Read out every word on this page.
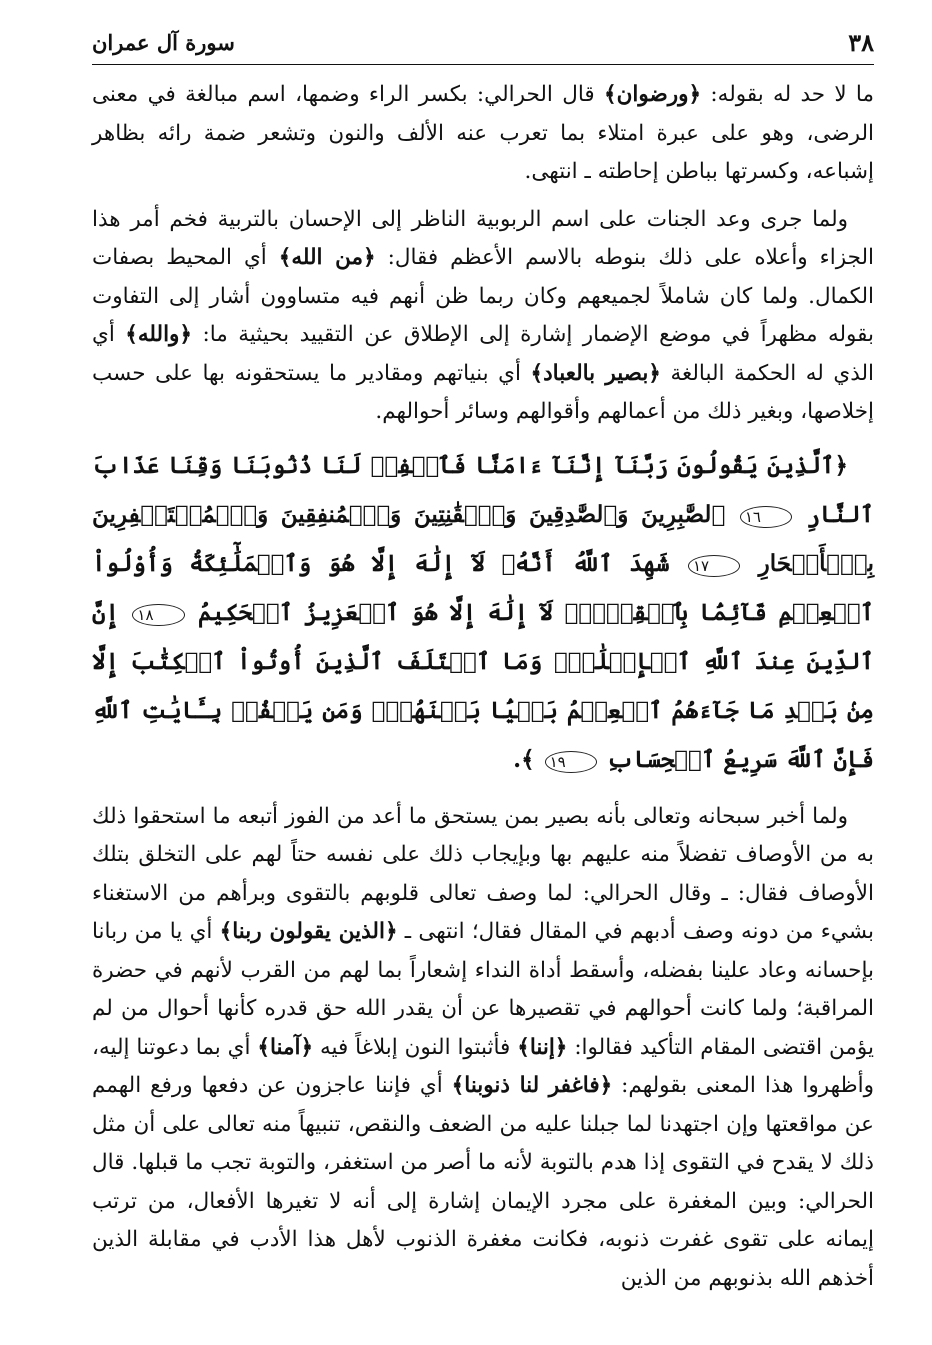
٣٨
سورة آل عمران

ما لا حد له بقوله: ﴿ورضوان﴾ قال الحرالي: بكسر الراء وضمها، اسم مبالغة في معنى الرضى، وهو على عبرة امتلاء بما تعرب عنه الألف والنون وتشعر ضمة رائه بظاهر إشباعه، وكسرتها بباطن إحاطته ـ انتهى.

ولما جرى وعد الجنات على اسم الربوبية الناظر إلى الإحسان بالتربية فخم أمر هذا الجزاء وأعلاه على ذلك بنوطه بالاسم الأعظم فقال: ﴿من الله﴾ أي المحيط بصفات الكمال. ولما كان شاملاً لجميعهم وكان ربما ظن أنهم فيه متساوون أشار إلى التفاوت بقوله مظهراً في موضع الإضمار إشارة إلى الإطلاق عن التقييد بحيثية ما: ﴿والله﴾ أي الذي له الحكمة البالغة ﴿بصير بالعباد﴾ أي بنياتهم ومقادير ما يستحقونه بها على حسب إخلاصها، وبغير ذلك من أعمالهم وأقوالهم وسائر أحوالهم.

﴿ٱلَّذِينَ يَقُولُونَ رَبَّنَآ إِنَّنَآ ءَامَنَّا فَٱغۡفِرۡ لَنَا ذُنُوبَنَا وَقِنَا عَذَابَ ٱلنَّارِ ١٦ ٱلصَّٰبِرِينَ وَٱلصَّٰدِقِينَ وَٱلۡقَٰنِتِينَ وَٱلۡمُنفِقِينَ وَٱلۡمُسۡتَغۡفِرِينَ بِٱلۡأَسۡحَارِ ١٧ شَهِدَ ٱللَّهُ أَنَّهُۥ لَآ إِلَٰهَ إِلَّا هُوَ وَٱلۡمَلَٰٓئِكَةُ وَأُوْلُواْ ٱلۡعِلۡمِ قَآئِمَۢا بِٱلۡقِسۡطِۚ لَآ إِلَٰهَ إِلَّا هُوَ ٱلۡعَزِيزُ ٱلۡحَكِيمُ ١٨ إِنَّ ٱلدِّينَ عِندَ ٱللَّهِ ٱلۡإِسۡلَٰمُۗ وَمَا ٱخۡتَلَفَ ٱلَّذِينَ أُوتُواْ ٱلۡكِتَٰبَ إِلَّا مِنۢ بَعۡدِ مَا جَآءَهُمُ ٱلۡعِلۡمُ بَغۡيَۢا بَيۡنَهُمۡۗ وَمَن يَكۡفُرۡ بِـَٔايَٰتِ ٱللَّهِ فَإِنَّ ٱللَّهَ سَرِيعُ ٱلۡحِسَابِ ١٩ ﴾.

ولما أخبر سبحانه وتعالى بأنه بصير بمن يستحق ما أعد من الفوز أتبعه ما استحقوا ذلك به من الأوصاف تفضلاً منه عليهم بها وبإيجاب ذلك على نفسه حتاً لهم على التخلق بتلك الأوصاف فقال: ـ وقال الحرالي: لما وصف تعالى قلوبهم بالتقوى وبرأهم من الاستغناء بشيء من دونه وصف أدبهم في المقال فقال؛ انتهى ـ ﴿الذين يقولون ربنا﴾ أي يا من ربانا بإحسانه وعاد علينا بفضله، وأسقط أداة النداء إشعاراً بما لهم من القرب لأنهم في حضرة المراقبة؛ ولما كانت أحوالهم في تقصيرها عن أن يقدر الله حق قدره كأنها أحوال من لم يؤمن اقتضى المقام التأكيد فقالوا: ﴿إننا﴾ فأثبتوا النون إبلاغاً فيه ﴿آمنا﴾ أي بما دعوتنا إليه، وأظهروا هذا المعنى بقولهم: ﴿فاغفر لنا ذنوبنا﴾ أي فإننا عاجزون عن دفعها ورفع الهمم عن مواقعتها وإن اجتهدنا لما جبلنا عليه من الضعف والنقص، تنبيهاً منه تعالى على أن مثل ذلك لا يقدح في التقوى إذا هدم بالتوبة لأنه ما أصر من استغفر، والتوبة تجب ما قبلها. قال الحرالي: وبين المغفرة على مجرد الإيمان إشارة إلى أنه لا تغيرها الأفعال، من ترتب إيمانه على تقوى غفرت ذنوبه، فكانت مغفرة الذنوب لأهل هذا الأدب في مقابلة الذين أخذهم الله بذنوبهم من الذين
